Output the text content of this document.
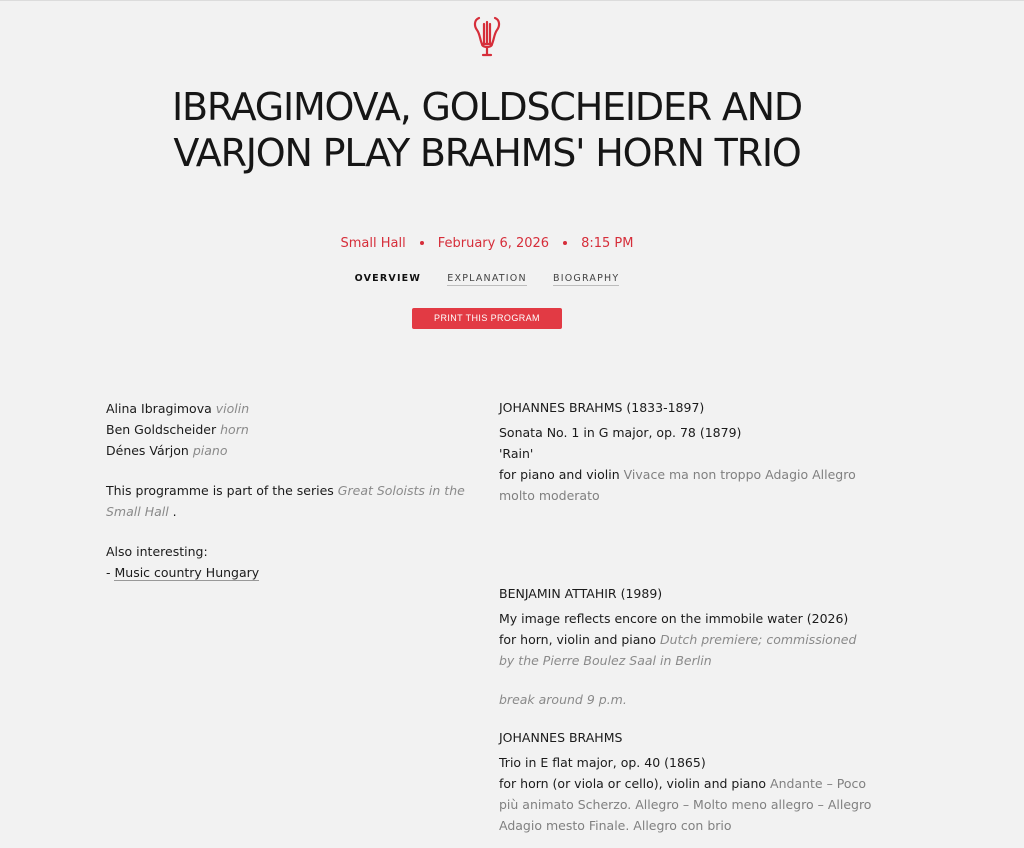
IBRAGIMOVA, GOLDSCHEIDER AND VARJON PLAY BRAHMS' HORN TRIO
Small Hall February 6, 2026 8:15 PM
OVERVIEW	EXPLANATION	BIOGRAPHY
PRINT THIS PROGRAM

Alina Ibragimova violin

Ben Goldscheider horn

Dénes Várjon piano

This programme is part of the series Great Soloists in the Small Hall .

Also interesting:

- Music country Hungary

JOHANNES BRAHMS (1833-1897)

Sonata No. 1 in G major, op. 78 (1879)

'Rain'

for piano and violin Vivace ma non troppo Adagio Allegro molto moderato

BENJAMIN ATTAHIR (1989)

My image reflects encore on the immobile water (2026)

for horn, violin and piano Dutch premiere; commissioned by the Pierre Boulez Saal in Berlin

break around 9 p.m.

JOHANNES BRAHMS

Trio in E flat major, op. 40 (1865)

for horn (or viola or cello), violin and piano Andante – Poco più animato Scherzo. Allegro – Molto meno allegro – Allegro Adagio mesto Finale. Allegro con brio
